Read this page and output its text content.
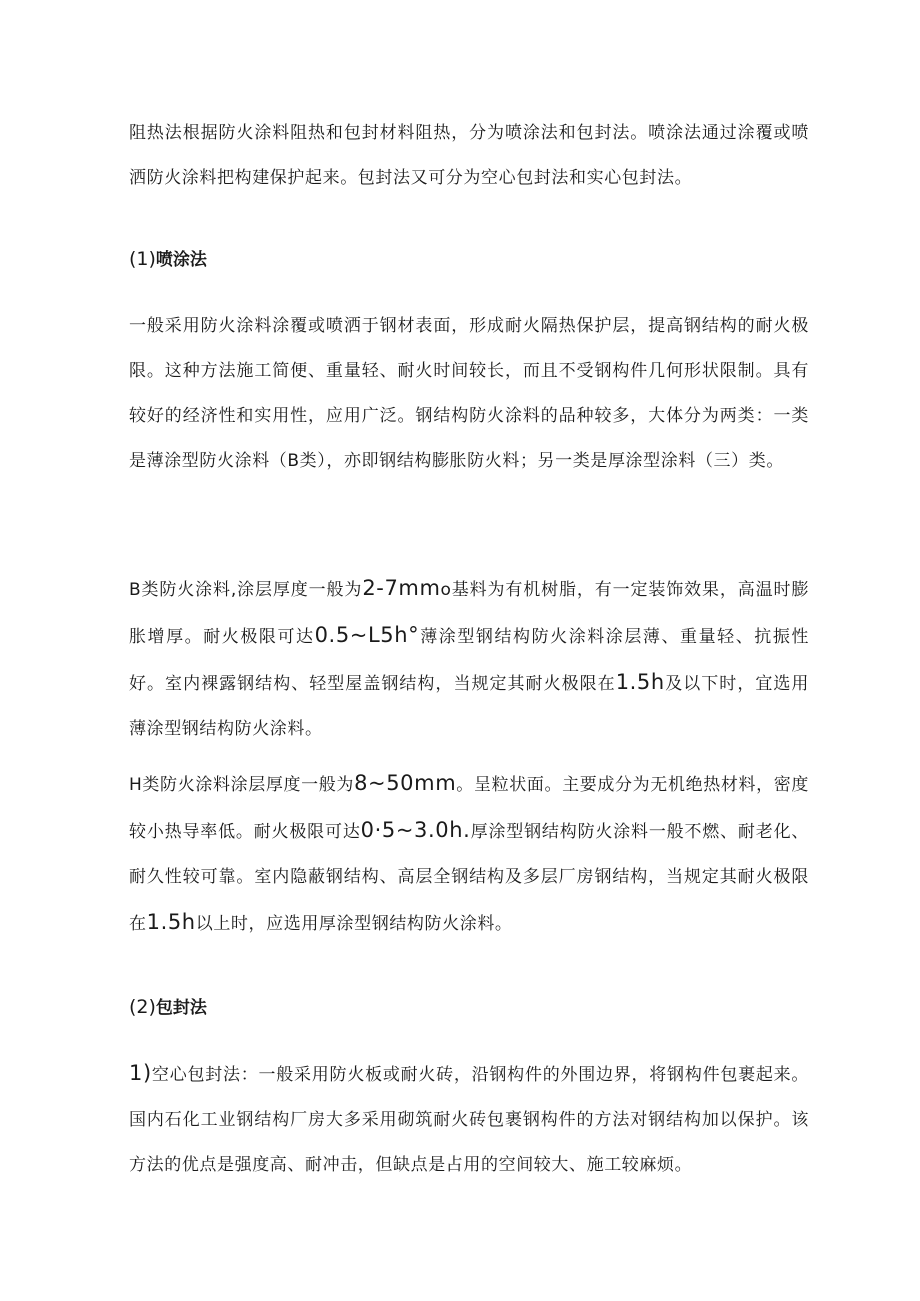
阻热法根据防火涂料阻热和包封材料阻热，分为喷涂法和包封法。喷涂法通过涂覆或喷洒防火涂料把构建保护起来。包封法又可分为空心包封法和实心包封法。

(1)喷涂法

一般采用防火涂料涂覆或喷洒于钢材表面，形成耐火隔热保护层，提高钢结构的耐火极限。这种方法施工简便、重量轻、耐火时间较长，而且不受钢构件几何形状限制。具有较好的经济性和实用性，应用广泛。钢结构防火涂料的品种较多，大体分为两类：一类是薄涂型防火涂料（B类），亦即钢结构膨胀防火料；另一类是厚涂型涂料（三）类。

B类防火涂料,涂层厚度一般为2-7mmo基料为有机树脂，有一定装饰效果，高温时膨胀增厚。耐火极限可达0.5~L5h°薄涂型钢结构防火涂料涂层薄、重量轻、抗振性好。室内裸露钢结构、轻型屋盖钢结构，当规定其耐火极限在1.5h及以下时，宜选用薄涂型钢结构防火涂料。

H类防火涂料涂层厚度一般为8~50mm。呈粒状面。主要成分为无机绝热材料，密度较小热导率低。耐火极限可达0·5~3.0h.厚涂型钢结构防火涂料一般不燃、耐老化、耐久性较可靠。室内隐蔽钢结构、高层全钢结构及多层厂房钢结构，当规定其耐火极限在1.5h以上时，应选用厚涂型钢结构防火涂料。

(2)包封法

1)空心包封法：一般采用防火板或耐火砖，沿钢构件的外围边界，将钢构件包裹起来。国内石化工业钢结构厂房大多采用砌筑耐火砖包裹钢构件的方法对钢结构加以保护。该方法的优点是强度高、耐冲击，但缺点是占用的空间较大、施工较麻烦。
